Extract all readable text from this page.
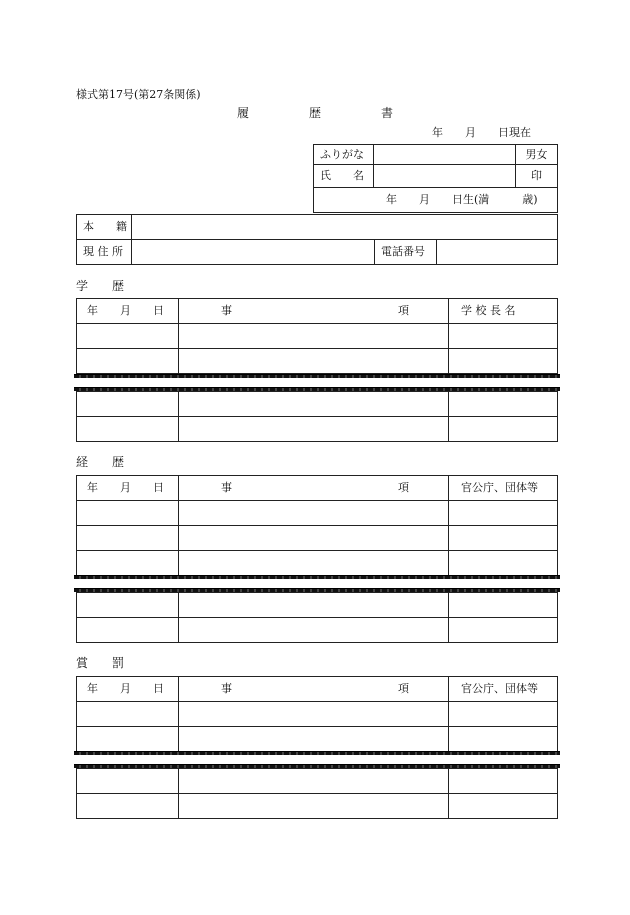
様式第17号(第27条関係)
履　　　　　歴　　　　　書
年　　月　　日現在
ふりがな		男女
氏　　名		印
年　　月　　日生(満　　　歳)		
本　　籍			
現 住 所		電話番号	
学　　歴
年　　月　　日	事 項	学 校 長 名

経　　歴
年　　月　　日	事 項	官公庁、団体等

賞　　罰
年　　月　　日	事 項	官公庁、団体等
